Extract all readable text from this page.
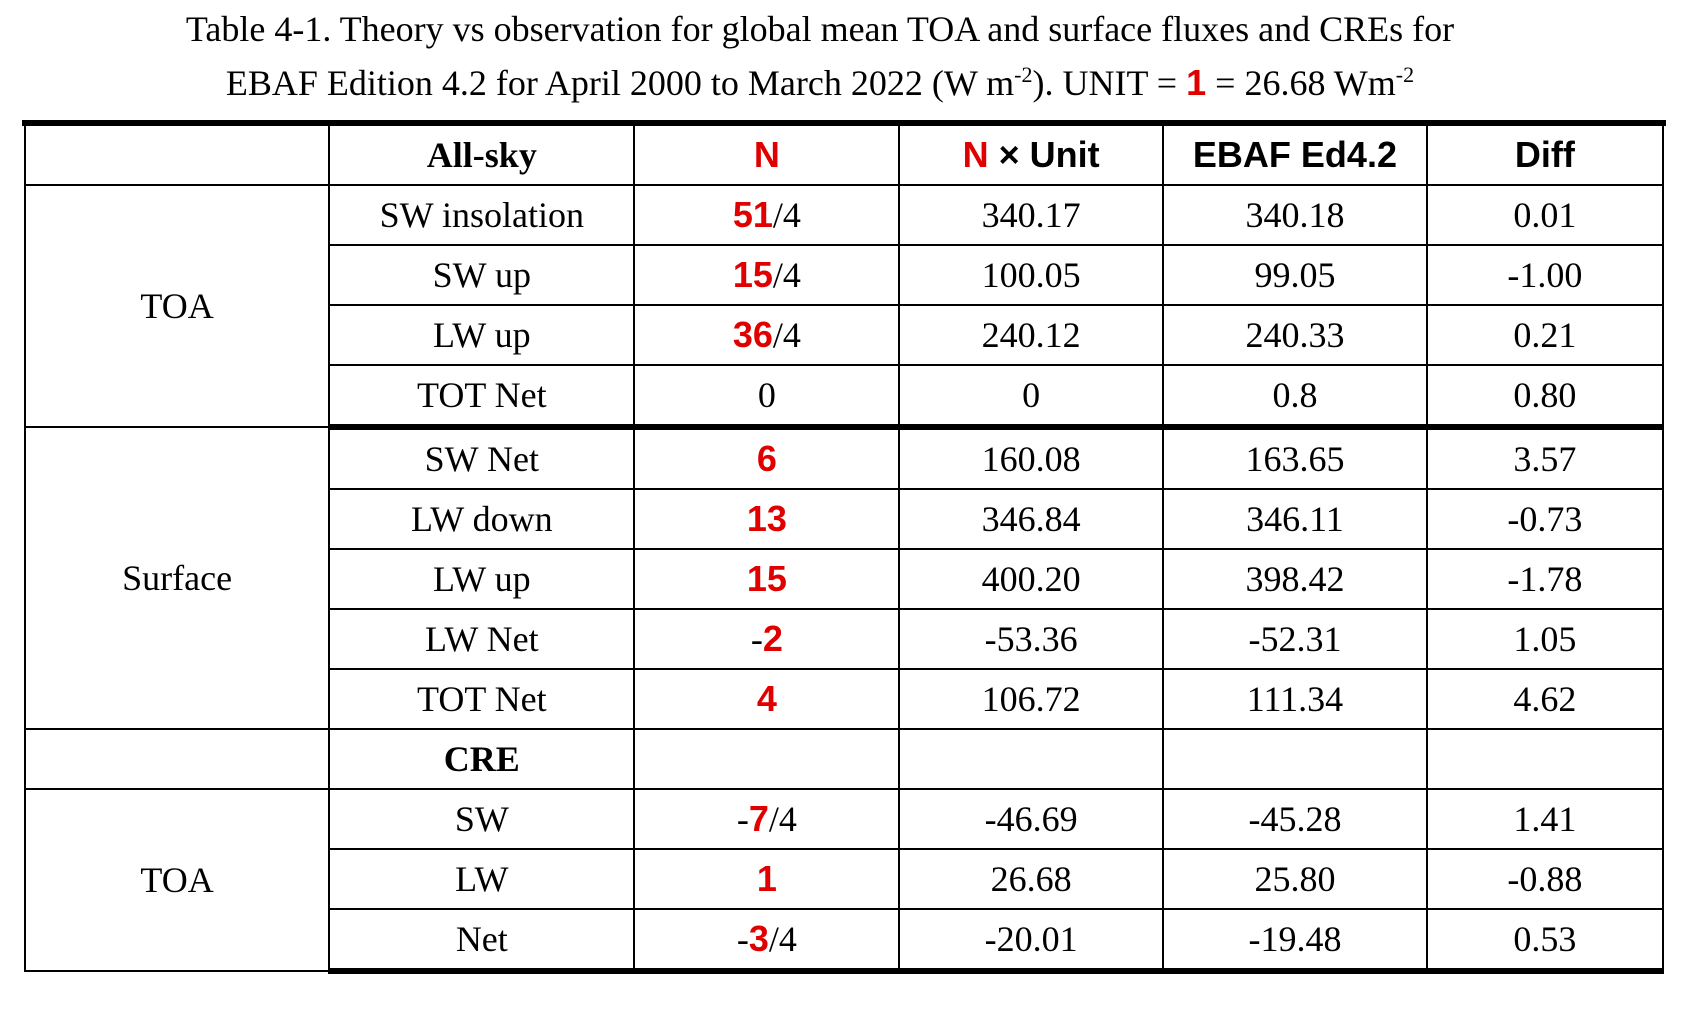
Table 4-1. Theory vs observation for global mean TOA and surface fluxes and CREs for
EBAF Edition 4.2 for April 2000 to March 2022 (W $m^{-2}$). UNIT = 1 = 26.68 $Wm^{-2}$
	All-sky	N	N × Unit	EBAF Ed4.2	Diff
TOA	SW insolation	51/4	340.17	340.18	0.01
	SW up	15/4	100.05	99.05	-1.00
	LW up	36/4	240.12	240.33	0.21
	TOT Net	0	0	0.8	0.80
Surface	SW Net	6	160.08	163.65	3.57
	LW down	13	346.84	346.11	-0.73
	LW up	15	400.20	398.42	-1.78
	LW Net	-2	-53.36	-52.31	1.05
	TOT Net	4	106.72	111.34	4.62
	CRE				
TOA	SW	-7/4	-46.69	-45.28	1.41
	LW	1	26.68	25.80	-0.88
	Net	-3/4	-20.01	-19.48	0.53
